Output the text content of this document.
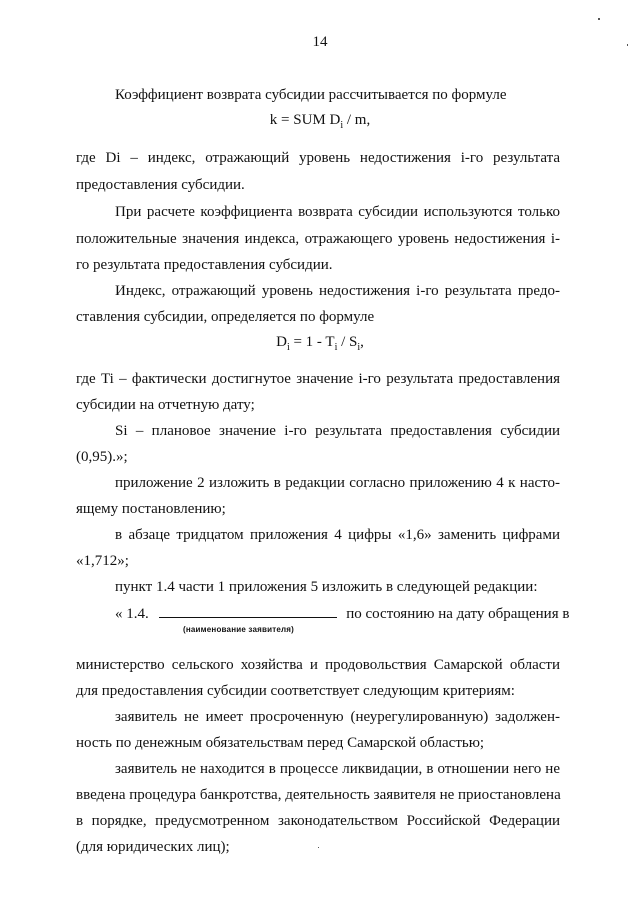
14
Коэффициент возврата субсидии рассчитывается по формуле
k = SUM $D_i$ / m,
где Di – индекс, отражающий уровень недостижения i-го результата
предоставления субсидии.
При расчете коэффициента возврата субсидии используются только
положительные значения индекса, отражающего уровень недостижения i-
го результата предоставления субсидии.
Индекс, отражающий уровень недостижения i-го результата предо-
ставления субсидии, определяется по формуле
$D_i = 1 - T_i / S_i$,
где Ti – фактически достигнутое значение i-го результата предоставления
субсидии на отчетную дату;
Si – плановое значение i-го результата предоставления субсидии
(0,95).»;
приложение 2 изложить в редакции согласно приложению 4 к насто-
ящему постановлению;
в абзаце тридцатом приложения 4 цифры «1,6» заменить цифрами
«1,712»;
пункт 1.4 части 1 приложения 5 изложить в следующей редакции:
« 1.4.	по состоянию на дату обращения в
(наименование заявителя)
министерство сельского хозяйства и продовольствия Самарской области
для предоставления субсидии соответствует следующим критериям:
заявитель не имеет просроченную (неурегулированную) задолжен-
ность по денежным обязательствам перед Самарской областью;
заявитель не находится в процессе ликвидации, в отношении него не
введена процедура банкротства, деятельность заявителя не приостановлена
в порядке, предусмотренном законодательством Российской Федерации
(для юридических лиц);
